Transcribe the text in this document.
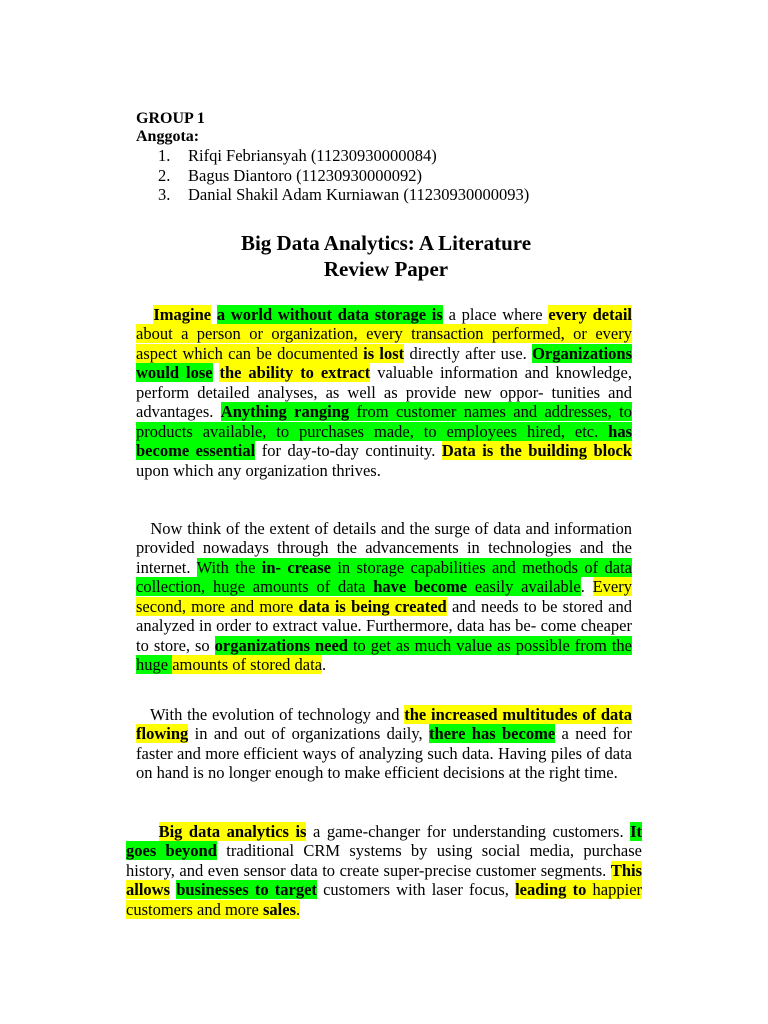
GROUP 1
Anggota:
1.	Rifqi Febriansyah (11230930000084)
2.	Bagus Diantoro (11230930000092)
3.	Danial Shakil Adam Kurniawan (11230930000093)
Big Data Analytics: A Literature
Review Paper

Imagine a world without data storage is a place where every detail about a person or organization, every transaction performed, or every aspect which can be documented is lost directly after use. Organizations would lose the ability to extract valuable information and knowledge, perform detailed analyses, as well as provide new oppor- tunities and advantages. Anything ranging from customer names and addresses, to products available, to purchases made, to employees hired, etc. has become essential for day-to-day continuity. Data is the building block upon which any organization thrives.

Now think of the extent of details and the surge of data and information provided nowadays through the advancements in technologies and the internet. With the in- crease in storage capabilities and methods of data collection, huge amounts of data have become easily available. Every second, more and more data is being created and needs to be stored and analyzed in order to extract value. Furthermore, data has be- come cheaper to store, so organizations need to get as much value as possible from the huge amounts of stored data.

With the evolution of technology and the increased multitudes of data flowing in and out of organizations daily, there has become a need for faster and more efficient ways of analyzing such data. Having piles of data on hand is no longer enough to make efficient decisions at the right time.

Big data analytics is a game-changer for understanding customers. It goes beyond traditional CRM systems by using social media, purchase history, and even sensor data to create super-precise customer segments. This allows businesses to target customers with laser focus, leading to happier customers and more sales.
